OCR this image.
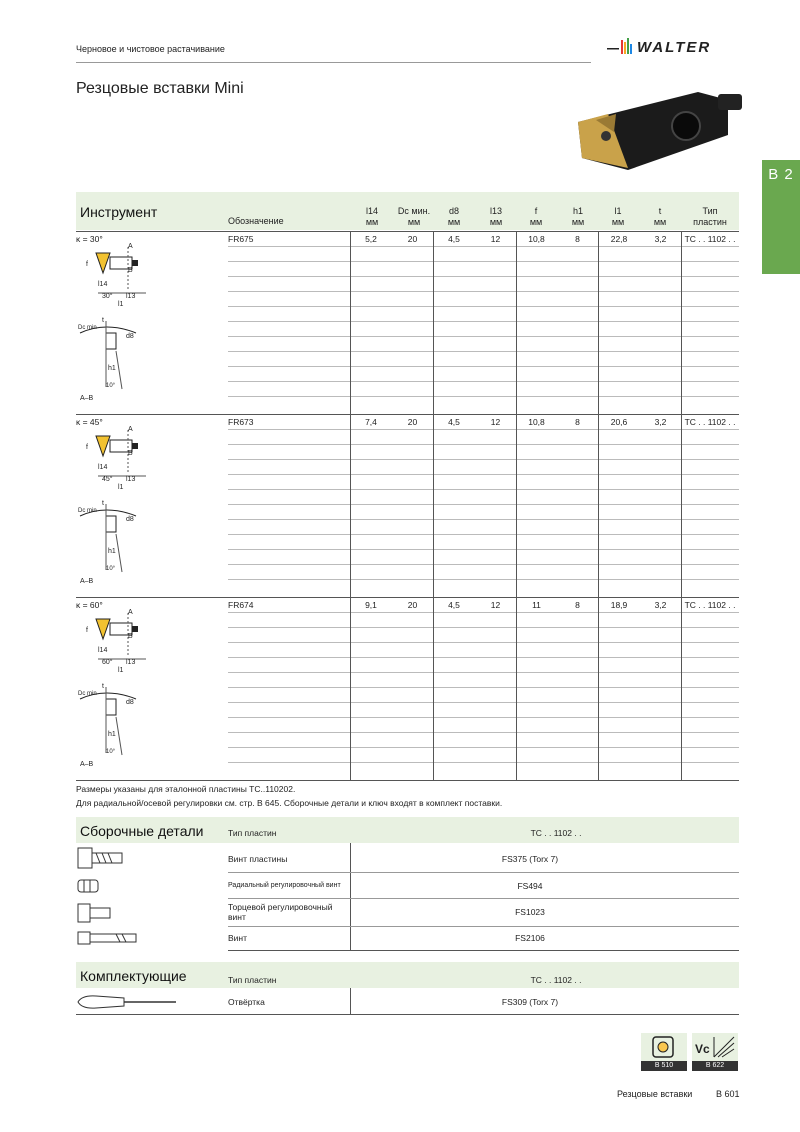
Черновое и чистовое растачивание	WALTER
Резцовые вставки Mini
B 2
Инструмент
Обозначение
l14
мм
Dc мин.
мм
d8
мм
l13
мм
f
мм
h1
мм
l1
мм
t
мм
Тип
пластин
FR675	5,2	20	4,5	12	10,8	8	22,8	3,2	TC . . 1102 . .
FR673	7,4	20	4,5	12	10,8	8	20,6	3,2	TC . . 1102 . .
FR674	9,1	20	4,5	12	11	8	18,9	3,2	TC . . 1102 . .
κ = 30°
A
f
B
l14
30° l13
l1
t
Dc min
d8
h1
10°
A–B
κ = 45°
A
f
B
l14
45° l13
l1
t
Dc min
d8
h1
10°
A–B
κ = 60°
A
f
B
l14
60° l13
l1
t
Dc min
d8
h1
10°
A–B
Размеры указаны для эталонной пластины TC..110202.
Для радиальной/осевой регулировки см. стр. B 645. Сборочные детали и ключ входят в комплект поставки.
Сборочные детали	Тип пластин	TC . . 1102 . .
Винт пластины	FS375 (Torx 7)
Радиальный регулировочный винт	FS494
Торцевой регулировочный винт	FS1023
Винт	FS2106
Комплектующие	Тип пластин	TC . . 1102 . .
Отвёртка	FS309 (Torx 7)
B 510
Vc
B 622
Резцовые вставки	B 601
